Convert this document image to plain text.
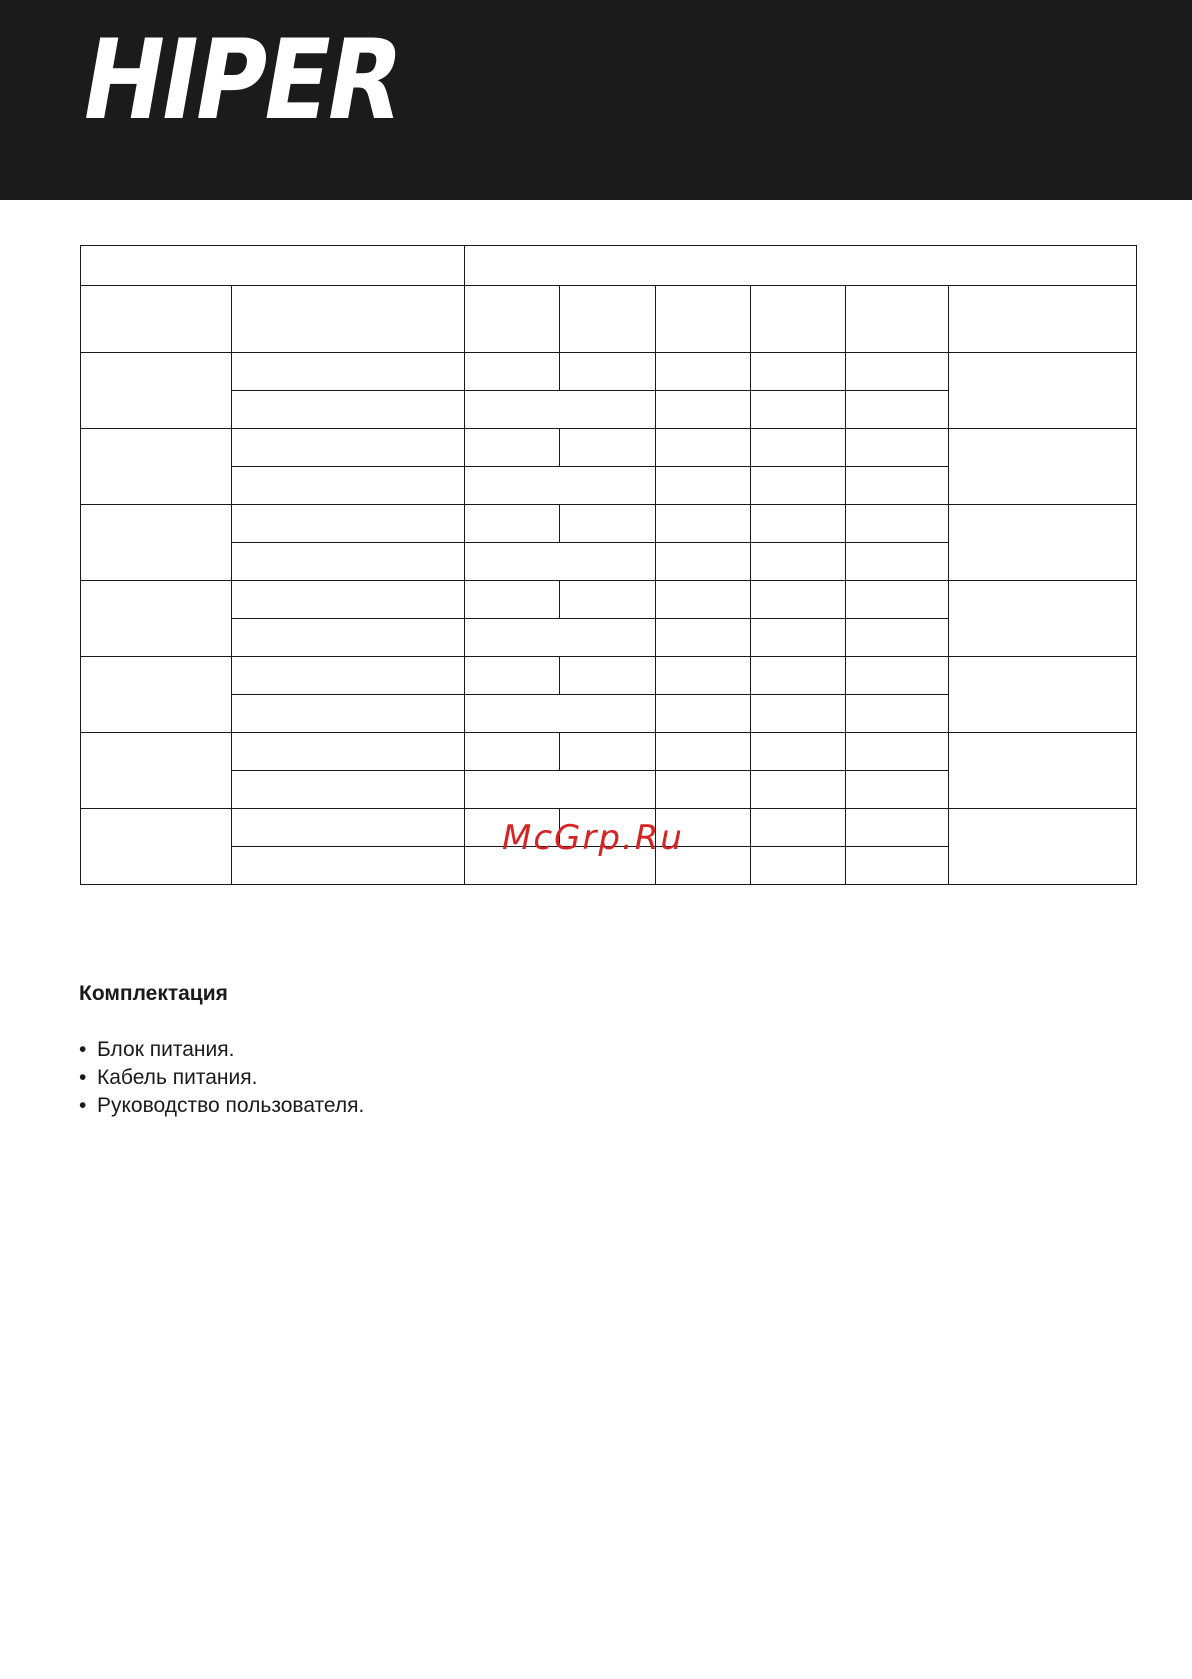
HIPER

McGrp.Ru
Комплектация
• Блок питания.
• Кабель питания.
• Руководство пользователя.
